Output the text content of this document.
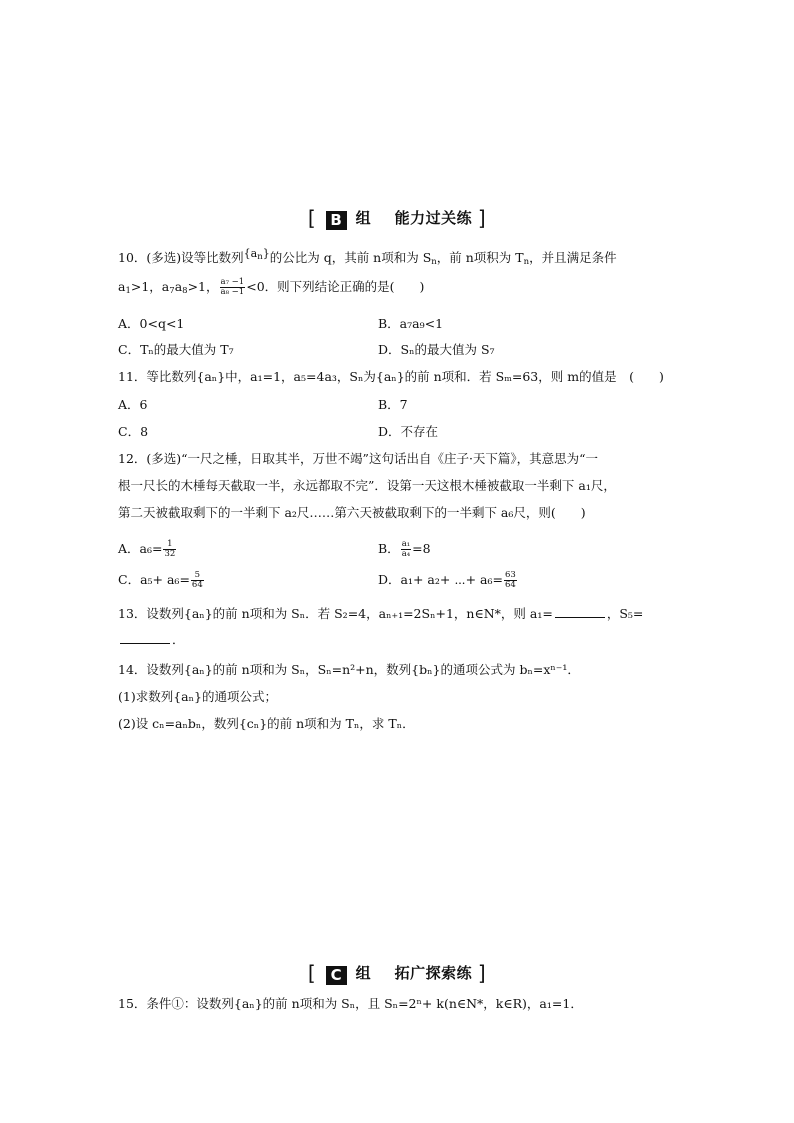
[ B 组 能力过关练 ]
10．(多选)设等比数列$\{a_n\}$的公比为 q，其前 n项和为 $S_n$，前 n项积为 $T_n$，并且满足条件
$a_1>1$，$a_7a_8>1$， $\frac{\text{a₇ −1}}{\text{a₈ −1}} <0$．则下列结论正确的是(　　)
A．0<q<1	B．a₇a₉<1
C．Tₙ的最大值为 T₇	D．Sₙ的最大值为 S₇
11．等比数列{aₙ}中，a₁=1，a₅=4a₃，Sₙ为{aₙ}的前 n项和．若 Sₘ=63，则 m的值是　(　　)
A．6	B．7
C．8	D．不存在
12．(多选)“一尺之棰，日取其半，万世不竭”这句话出自《庄子·天下篇》，其意思为“一
根一尺长的木棰每天截取一半，永远都取不完”．设第一天这根木棰被截取一半剩下 a₁尺，
第二天被截取剩下的一半剩下 a₂尺……第六天被截取剩下的一半剩下 a₆尺，则(　　)
A．$a_6= \frac{1}{32}$	B． $\frac{\text{a₁}}{\text{a₄}} =8$
C．$a_5+ a_6= \frac{5}{64}$	D．a₁+ a₂+ ⋯+ $a_6= \frac{63}{64}$
13．设数列{aₙ}的前 n项和为 Sₙ．若 S₂=4，aₙ₊₁=2Sₙ+1，n∈N*，则 a₁=	，S₅=
．
14．设数列{aₙ}的前 n项和为 Sₙ，Sₙ=n²+n，数列{bₙ}的通项公式为 bₙ=xⁿ⁻¹．
(1)求数列{aₙ}的通项公式；
(2)设 cₙ=aₙbₙ，数列{cₙ}的前 n项和为 Tₙ，求 Tₙ．
[ C 组 拓广探索练 ]
15．条件①：设数列{aₙ}的前 n项和为 Sₙ，且 Sₙ=2ⁿ+ k(n∈N*，k∈R)，a₁=1．
